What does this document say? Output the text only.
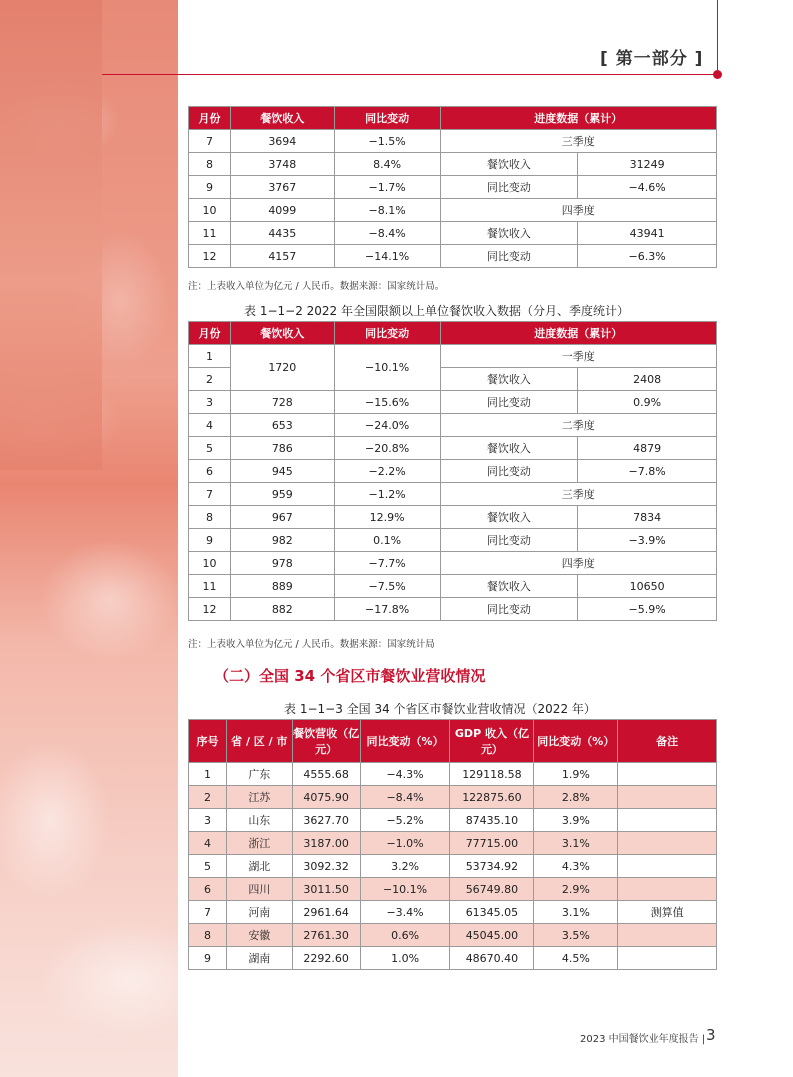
[ 第一部分 ]
月份	餐饮收入	同比变动	进度数据（累计）	
7	3694	−1.5%	三季度	
8	3748	8.4%	餐饮收入	31249
9	3767	−1.7%	同比变动	−4.6%
10	4099	−8.1%	四季度	
11	4435	−8.4%	餐饮收入	43941
12	4157	−14.1%	同比变动	−6.3%
注：上表收入单位为亿元 / 人民币。数据来源：国家统计局。
表 1−1−2 2022 年全国限额以上单位餐饮收入数据（分月、季度统计）
月份	餐饮收入	同比变动	进度数据（累计）	
1	1720	−10.1%	一季度	
2			餐饮收入	2408
3	728	−15.6%	同比变动	0.9%
4	653	−24.0%	二季度	
5	786	−20.8%	餐饮收入	4879
6	945	−2.2%	同比变动	−7.8%
7	959	−1.2%	三季度	
8	967	12.9%	餐饮收入	7834
9	982	0.1%	同比变动	−3.9%
10	978	−7.7%	四季度	
11	889	−7.5%	餐饮收入	10650
12	882	−17.8%	同比变动	−5.9%
注：上表收入单位为亿元 / 人民币。数据来源：国家统计局
（二）全国 34 个省区市餐饮业营收情况
表 1−1−3 全国 34 个省区市餐饮业营收情况（2022 年）
序号	省 / 区 / 市	餐饮营收（亿元）	同比变动（%）	GDP 收入（亿元）	同比变动（%）	备注
1	广东	4555.68	−4.3%	129118.58	1.9%	
2	江苏	4075.90	−8.4%	122875.60	2.8%	
3	山东	3627.70	−5.2%	87435.10	3.9%	
4	浙江	3187.00	−1.0%	77715.00	3.1%	
5	湖北	3092.32	3.2%	53734.92	4.3%	
6	四川	3011.50	−10.1%	56749.80	2.9%	
7	河南	2961.64	−3.4%	61345.05	3.1%	测算值
8	安徽	2761.30	0.6%	45045.00	3.5%	
9	湖南	2292.60	1.0%	48670.40	4.5%	
2023 中国餐饮业年度报告 | 3
